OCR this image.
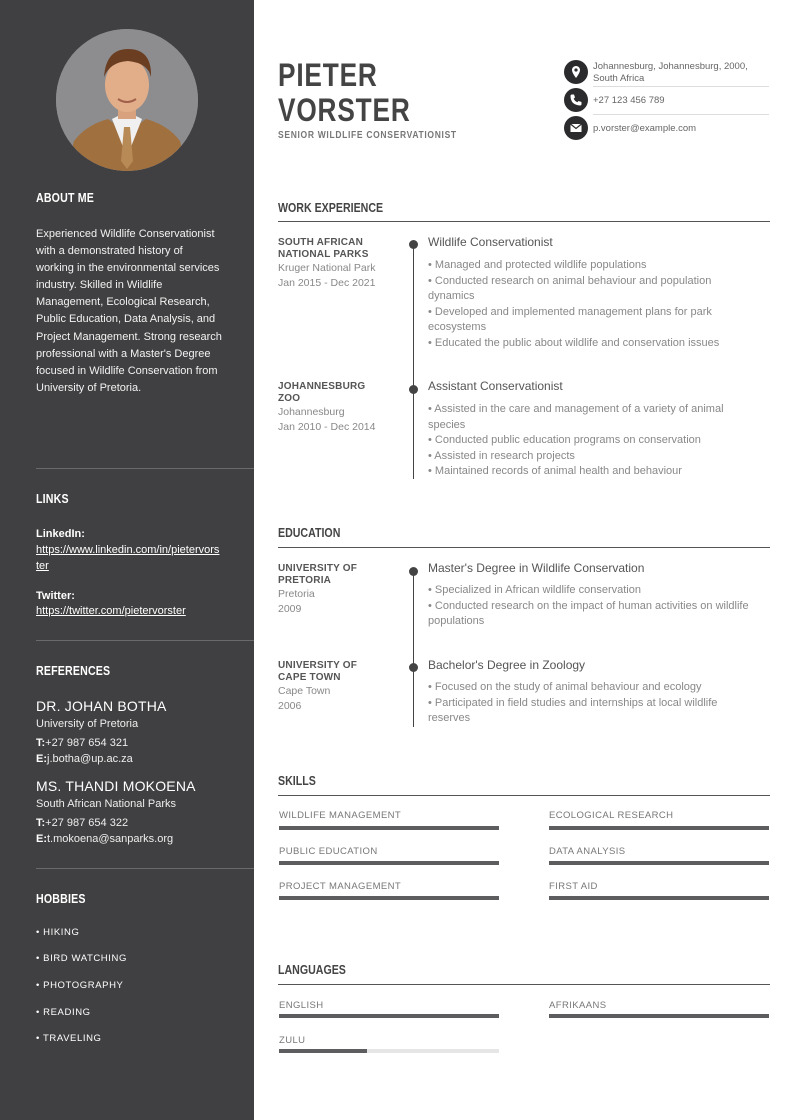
ABOUT ME
Experienced Wildlife Conservationist with a demonstrated history of working in the environmental services industry. Skilled in Wildlife Management, Ecological Research, Public Education, Data Analysis, and Project Management. Strong research professional with a Master's Degree focused in Wildlife Conservation from University of Pretoria.
LINKS
LinkedIn:
https://www.linkedin.com/in/pietervorster
Twitter:
https://twitter.com/pietervorster
REFERENCES
DR. JOHAN BOTHA
University of Pretoria
T:+27 987 654 321
E:j.botha@up.ac.za
MS. THANDI MOKOENA
South African National Parks
T:+27 987 654 322
E:t.mokoena@sanparks.org
HOBBIES
• HIKING
• BIRD WATCHING
• PHOTOGRAPHY
• READING
• TRAVELING
PIETER
VORSTER
SENIOR WILDLIFE CONSERVATIONIST
Johannesburg, Johannesburg, 2000, South Africa
+27 123 456 789
p.vorster@example.com
WORK EXPERIENCE
SOUTH AFRICAN
NATIONAL PARKS
Kruger National Park
Jan 2015 - Dec 2021
Wildlife Conservationist
• Managed and protected wildlife populations
• Conducted research on animal behaviour and population dynamics
• Developed and implemented management plans for park ecosystems
• Educated the public about wildlife and conservation issues
JOHANNESBURG
ZOO
Johannesburg
Jan 2010 - Dec 2014
Assistant Conservationist
• Assisted in the care and management of a variety of animal species
• Conducted public education programs on conservation
• Assisted in research projects
• Maintained records of animal health and behaviour
EDUCATION
UNIVERSITY OF
PRETORIA
Pretoria
2009
Master's Degree in Wildlife Conservation
• Specialized in African wildlife conservation
• Conducted research on the impact of human activities on wildlife populations
UNIVERSITY OF
CAPE TOWN
Cape Town
2006
Bachelor's Degree in Zoology
• Focused on the study of animal behaviour and ecology
• Participated in field studies and internships at local wildlife reserves
SKILLS
WILDLIFE MANAGEMENT	ECOLOGICAL RESEARCH
PUBLIC EDUCATION	DATA ANALYSIS
PROJECT MANAGEMENT	FIRST AID
LANGUAGES
ENGLISH	AFRIKAANS
ZULU
